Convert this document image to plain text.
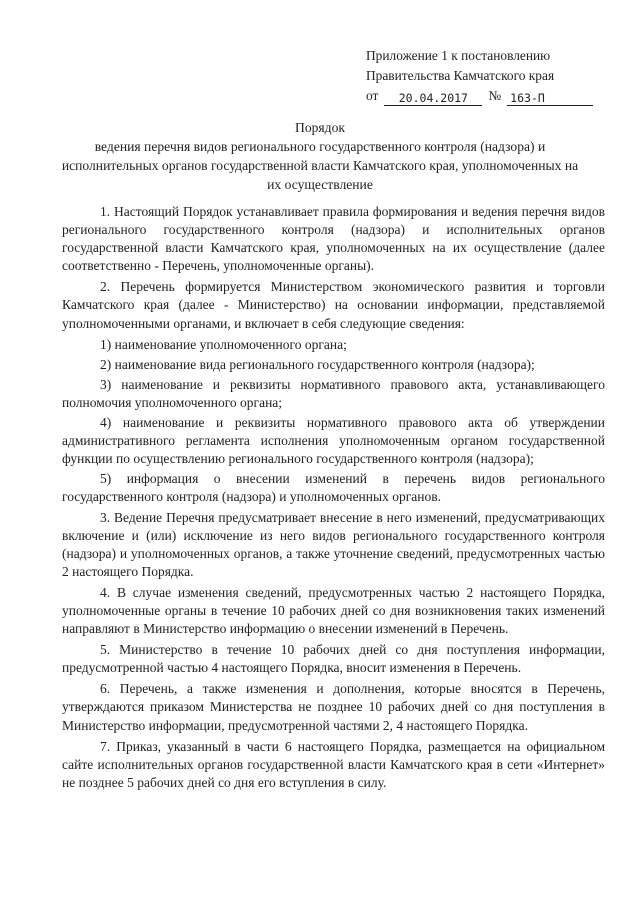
Приложение 1 к постановлению
Правительства Камчатского края
от	20.04.2017	№ 163-П
Порядок
ведения перечня видов регионального государственного контроля (надзора) и исполнительных органов государственной власти Камчатского края, уполномоченных на их осуществление

1. Настоящий Порядок устанавливает правила формирования и ведения перечня видов регионального государственного контроля (надзора) и исполнительных органов государственной власти Камчатского края, уполномоченных на их осуществление (далее соответственно - Перечень, уполномоченные органы).

2. Перечень формируется Министерством экономического развития и торговли Камчатского края (далее - Министерство) на основании информации, представляемой уполномоченными органами, и включает в себя следующие сведения:

1) наименование уполномоченного органа;

2) наименование вида регионального государственного контроля (надзора);

3) наименование и реквизиты нормативного правового акта, устанавливающего полномочия уполномоченного органа;

4) наименование и реквизиты нормативного правового акта об утверждении административного регламента исполнения уполномоченным органом государственной функции по осуществлению регионального государственного контроля (надзора);

5) информация о внесении изменений в перечень видов регионального государственного контроля (надзора) и уполномоченных органов.

3. Ведение Перечня предусматривает внесение в него изменений, предусматривающих включение и (или) исключение из него видов регионального государственного контроля (надзора) и уполномоченных органов, а также уточнение сведений, предусмотренных частью 2 настоящего Порядка.

4. В случае изменения сведений, предусмотренных частью 2 настоящего Порядка, уполномоченные органы в течение 10 рабочих дней со дня возникновения таких изменений направляют в Министерство информацию о внесении изменений в Перечень.

5. Министерство в течение 10 рабочих дней со дня поступления информации, предусмотренной частью 4 настоящего Порядка, вносит изменения в Перечень.

6. Перечень, а также изменения и дополнения, которые вносятся в Перечень, утверждаются приказом Министерства не позднее 10 рабочих дней со дня поступления в Министерство информации, предусмотренной частями 2, 4 настоящего Порядка.

7. Приказ, указанный в части 6 настоящего Порядка, размещается на официальном сайте исполнительных органов государственной власти Камчатского края в сети «Интернет» не позднее 5 рабочих дней со дня его вступления в силу.
